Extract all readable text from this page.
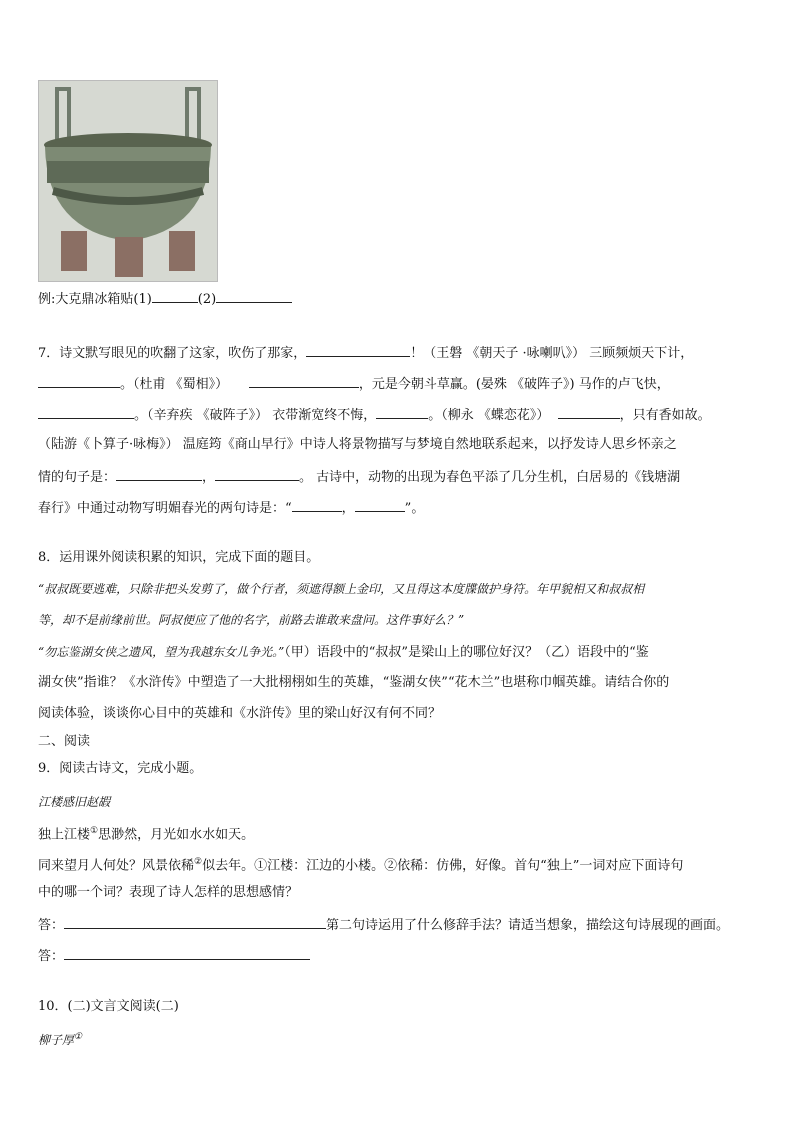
例:大克鼎冰箱贴(1)	(2)
7．诗文默写眼见的吹翻了这家，吹伤了那家，	！（王磐 《朝天子 ·咏喇叭》） 三顾频烦天下计，
。（杜甫 《蜀相》）	，元是今朝斗草赢。(晏殊 《破阵子》) 马作的卢飞快，
。（辛弃疾 《破阵子》） 衣带渐宽终不悔，	。（柳永 《蝶恋花》）	，只有香如故。
（陆游《卜算子·咏梅》） 温庭筠《商山早行》中诗人将景物描写与梦境自然地联系起来，以抒发诗人思乡怀亲之
情的句子是：	，	。 古诗中，动物的出现为春色平添了几分生机，白居易的《钱塘湖
春行》中通过动物写明媚春光的两句诗是：“	，	”。
8．运用课外阅读积累的知识，完成下面的题目。
“叔叔既要逃难，只除非把头发剪了，做个行者，须遮得额上金印，又且得这本度牒做护身符。年甲貌相又和叔叔相
等，却不是前缘前世。阿叔便应了他的名字，前路去谁敢来盘问。这件事好么？”
“勿忘鉴湖女侠之遗风，望为我越东女儿争光。”（甲）语段中的“叔叔”是梁山上的哪位好汉？（乙）语段中的“鉴
湖女侠”指谁？《水浒传》中塑造了一大批栩栩如生的英雄，“鉴湖女侠”“花木兰”也堪称巾帼英雄。请结合你的
阅读体验，谈谈你心目中的英雄和《水浒传》里的梁山好汉有何不同？
二、阅读
9．阅读古诗文，完成小题。
江楼感旧赵嘏
独上江楼①思渺然，月光如水水如天。
同来望月人何处？风景依稀②似去年。①江楼：江边的小楼。②依稀：仿佛，好像。首句“独上”一词对应下面诗句
中的哪一个词？表现了诗人怎样的思想感情？
答：	第二句诗运用了什么修辞手法？请适当想象，描绘这句诗展现的画面。
答：
10．(二)文言文阅读(二)
柳子厚①
